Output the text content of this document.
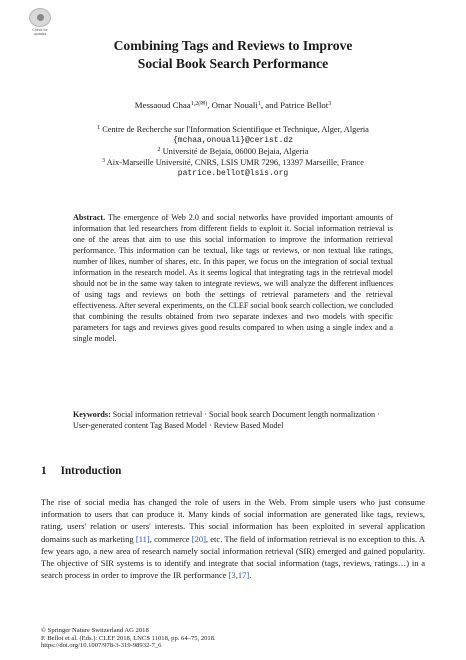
Check for
updates
Combining Tags and Reviews to Improve
Social Book Search Performance
Messaoud Chaa$^{1,2(✉)}$, Omar Nouali$^1$, and Patrice Bellot$^3$
$^1$ Centre de Recherche sur l'Information Scientifique et Technique, Alger, Algeria
{mchaa,onouali}@cerist.dz
$^2$ Université de Bejaia, 06000 Bejaia, Algeria
$^3$ Aix-Marseille Université, CNRS, LSIS UMR 7296, 13397 Marseille, France
patrice.bellot@lsis.org

Abstract. The emergence of Web 2.0 and social networks have provided important amounts of information that led researchers from different fields to exploit it. Social information retrieval is one of the areas that aim to use this social information to improve the information retrieval performance. This information can be textual, like tags or reviews, or non textual like ratings, number of likes, number of shares, etc. In this paper, we focus on the integration of social textual information in the research model. As it seems logical that integrating tags in the retrieval model should not be in the same way taken to integrate reviews, we will analyze the different influences of using tags and reviews on both the settings of retrieval parameters and the retrieval effectiveness. After several experiments, on the CLEF social book search collection, we concluded that combining the results obtained from two separate indexes and two models with specific parameters for tags and reviews gives good results compared to when using a single index and a single model.

Keywords: Social information retrieval · Social book search Document length normalization · User-generated content Tag Based Model · Review Based Model

1 Introduction

The rise of social media has changed the role of users in the Web. From simple users who just consume information to users that can produce it. Many kinds of social information are generated like tags, reviews, rating, users' relation or users' interests. This social information has been exploited in several application domains such as marketing [11], commerce [20], etc. The field of information retrieval is no exception to this. A few years ago, a new area of research namely social information retrieval (SIR) emerged and gained popularity. The objective of SIR systems is to identify and integrate that social information (tags, reviews, ratings…) in a search process in order to improve the IR performance [3,17].

© Springer Nature Switzerland AG 2018
P. Bellot et al. (Eds.): CLEF 2018, LNCS 11018, pp. 64–75, 2018.
https://doi.org/10.1007/978-3-319-98932-7_6
